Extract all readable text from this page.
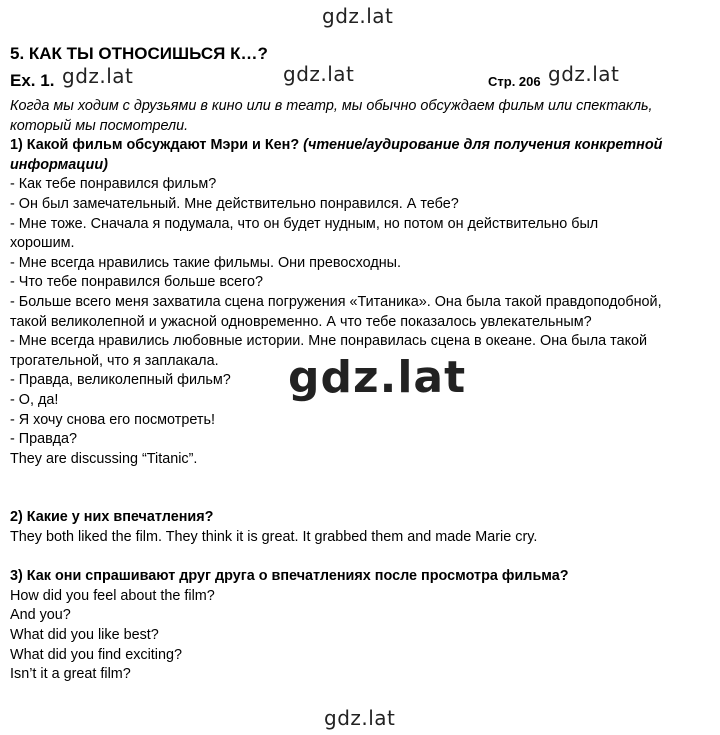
gdz.lat
gdz.lat	gdz.lat	gdz.lat
gdz.lat
gdz.lat
5. КАК ТЫ ОТНОСИШЬСЯ К…?
Ex. 1.	Стр. 206
Когда мы ходим с друзьями в кино или в театр, мы обычно обсуждаем фильм или спектакль,
который мы посмотрели.
1) Какой фильм обсуждают Мэри и Кен? (чтение/аудирование для получения конкретной
информации)
- Как тебе понравился фильм?
- Он был замечательный. Мне действительно понравился. А тебе?
- Мне тоже. Сначала я подумала, что он будет нудным, но потом он действительно был
хорошим.
- Мне всегда нравились такие фильмы. Они превосходны.
- Что тебе понравился больше всего?
- Больше всего меня захватила сцена погружения «Титаника». Она была такой правдоподобной,
такой великолепной и ужасной одновременно. А что тебе показалось увлекательным?
- Мне всегда нравились любовные истории. Мне понравилась сцена в океане. Она была такой
трогательной, что я заплакала.
- Правда, великолепный фильм?
- О, да!
- Я хочу снова его посмотреть!
- Правда?
They are discussing “Titanic”.
2) Какие у них впечатления?
They both liked the film. They think it is great. It grabbed them and made Marie cry.
3) Как они спрашивают друг друга о впечатлениях после просмотра фильма?
How did you feel about the film?
And you?
What did you like best?
What did you find exciting?
Isn’t it a great film?
